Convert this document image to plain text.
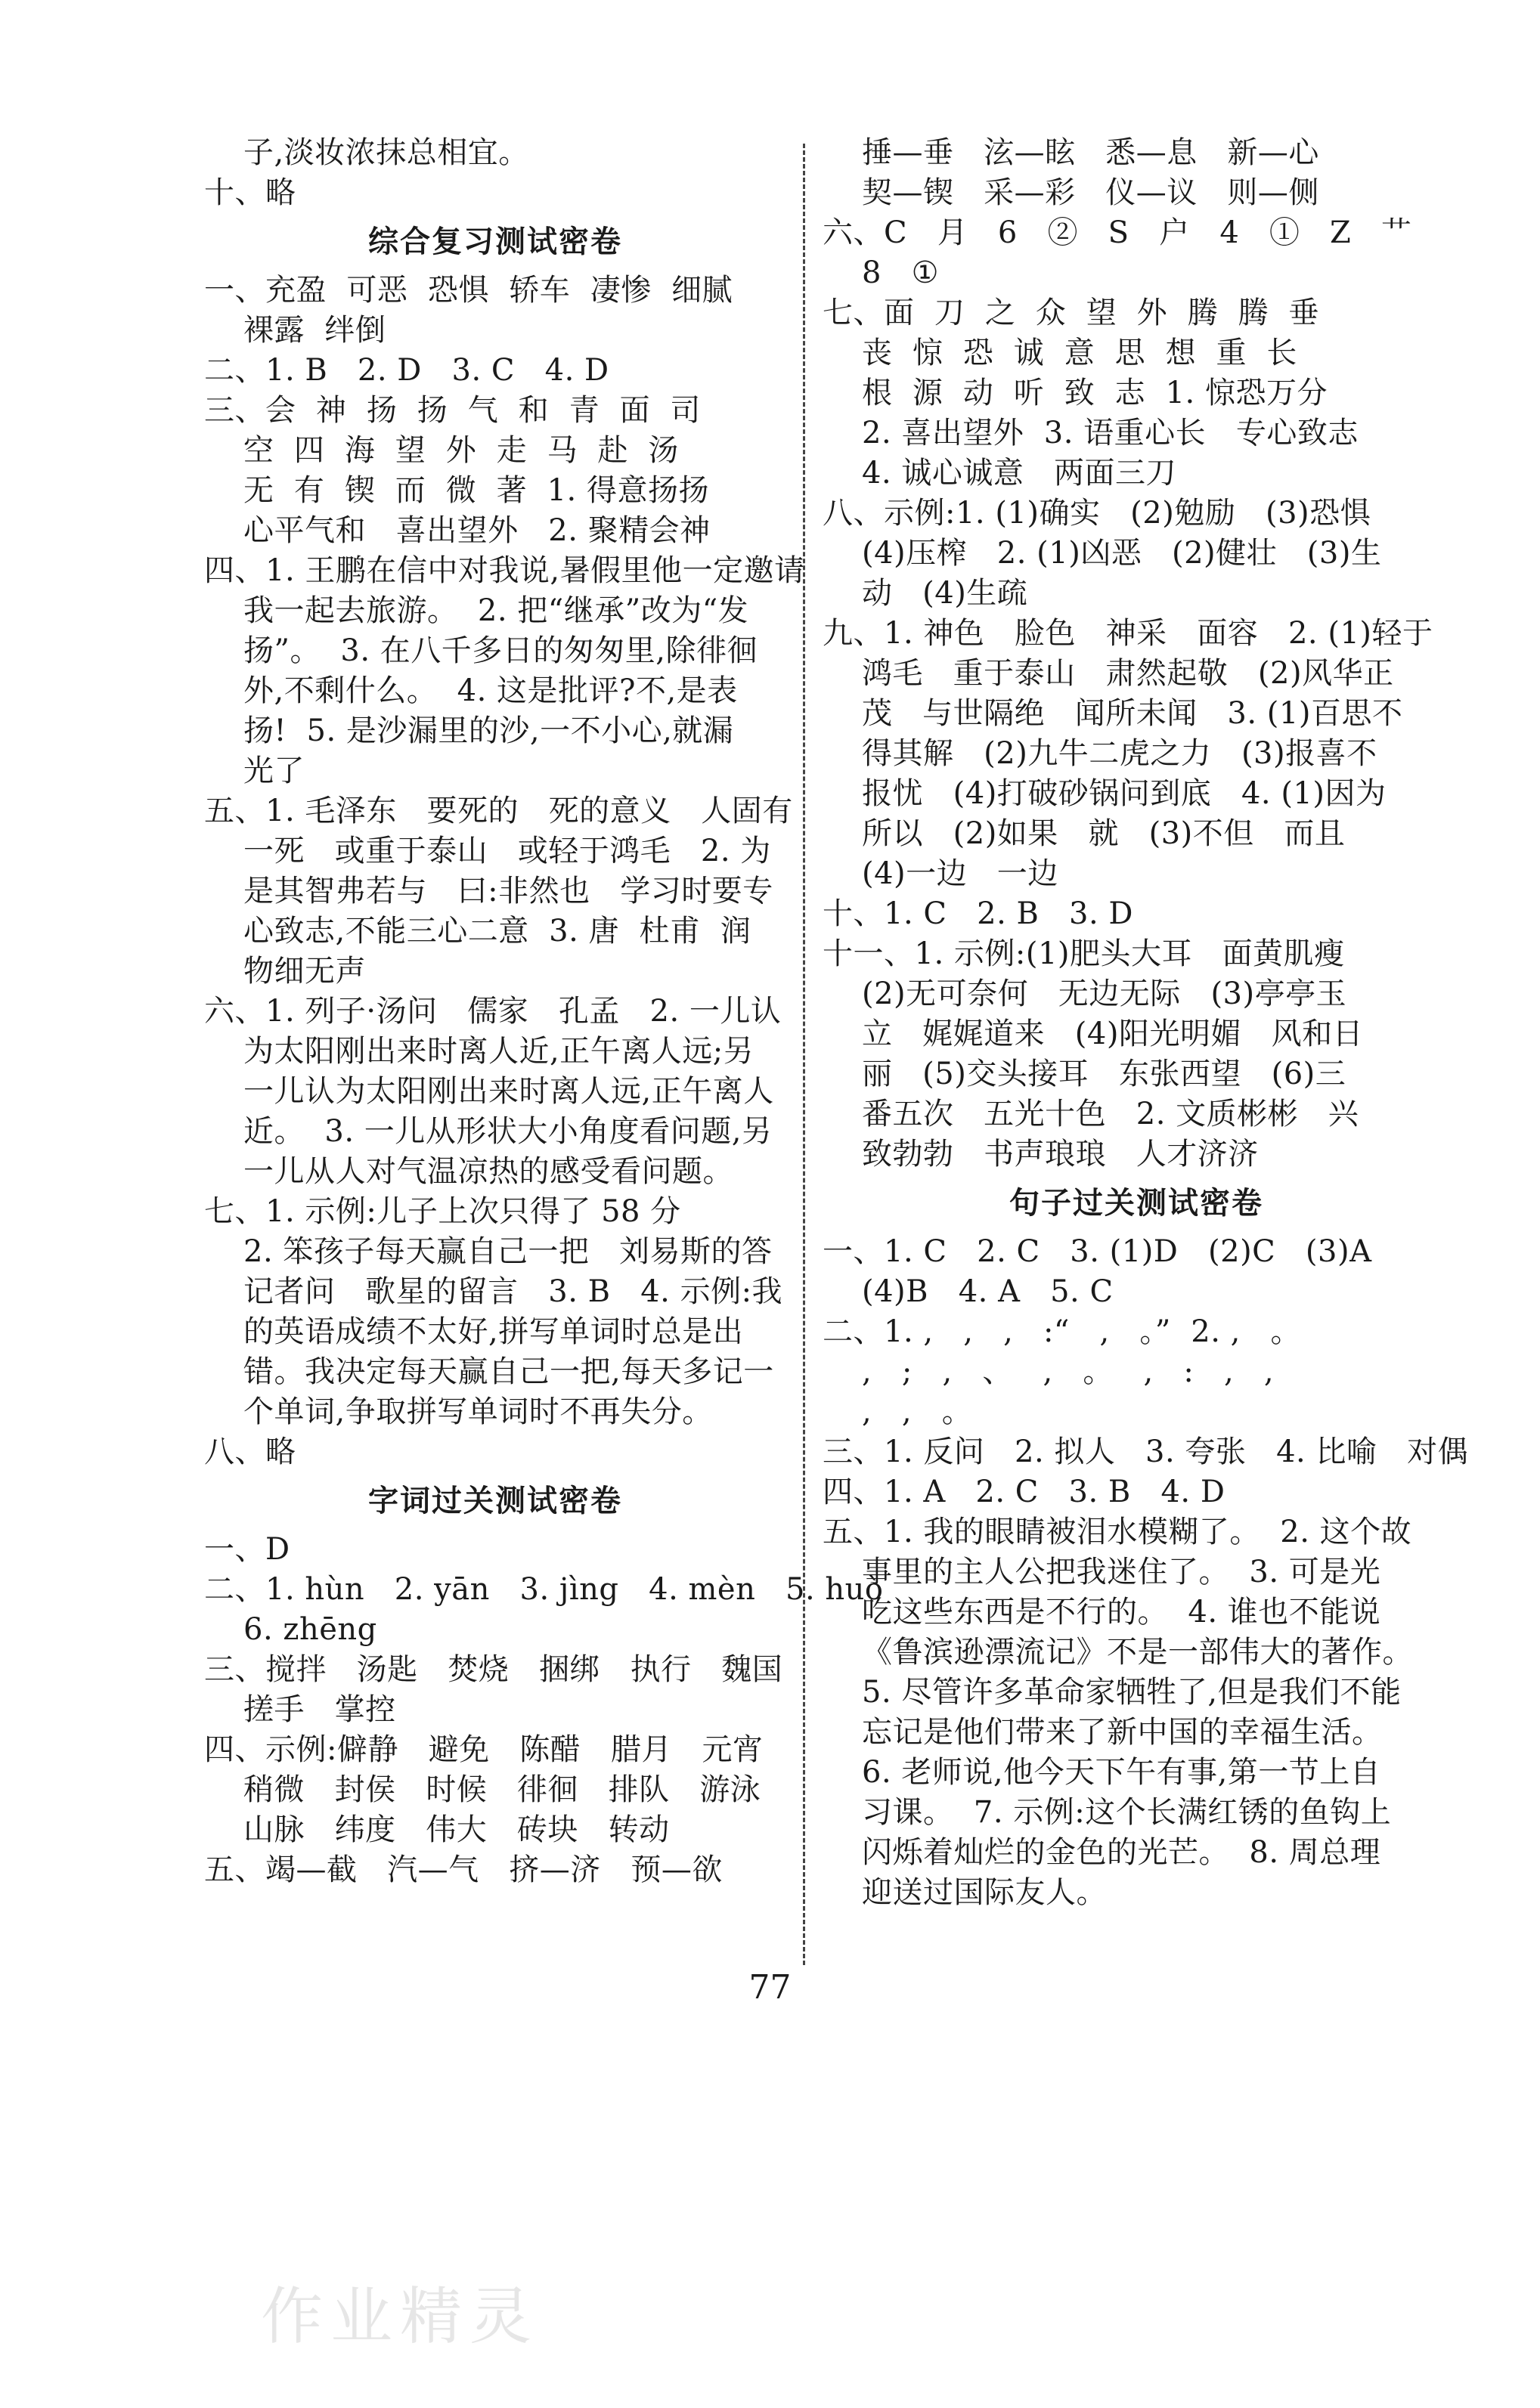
子,淡妆浓抹总相宜。
十、略
综合复习测试密卷
一、充盈  可恶  恐惧  轿车  凄惨  细腻
裸露  绊倒
二、1. B   2. D   3. C   4. D
三、会  神  扬  扬  气  和  青  面  司
空  四  海  望  外  走  马  赴  汤
无  有  锲  而  微  著  1. 得意扬扬
心平气和   喜出望外   2. 聚精会神
四、1. 王鹏在信中对我说,暑假里他一定邀请
我一起去旅游。  2. 把“继承”改为“发
扬”。  3. 在八千多日的匆匆里,除徘徊
外,不剩什么。  4. 这是批评?不,是表
扬!  5. 是沙漏里的沙,一不小心,就漏
光了
五、1. 毛泽东   要死的   死的意义   人固有
一死   或重于泰山   或轻于鸿毛   2. 为
是其智弗若与   曰:非然也   学习时要专
心致志,不能三心二意  3. 唐  杜甫  润
物细无声
六、1. 列子·汤问   儒家   孔孟   2. 一儿认
为太阳刚出来时离人近,正午离人远;另
一儿认为太阳刚出来时离人远,正午离人
近。  3. 一儿从形状大小角度看问题,另
一儿从人对气温凉热的感受看问题。
七、1. 示例:儿子上次只得了 58 分
2. 笨孩子每天赢自己一把   刘易斯的答
记者问   歌星的留言   3. B   4. 示例:我
的英语成绩不太好,拼写单词时总是出
错。我决定每天赢自己一把,每天多记一
个单词,争取拼写单词时不再失分。
八、略
字词过关测试密卷
一、D
二、1. hùn   2. yān   3. jìng   4. mèn   5. huò
6. zhēng
三、搅拌   汤匙   焚烧   捆绑   执行   魏国
搓手   掌控
四、示例:僻静   避免   陈醋   腊月   元宵
稍微   封侯   时候   徘徊   排队   游泳
山脉   纬度   伟大   砖块   转动
五、竭—截   汽—气   挤—济   预—欲
捶—垂   泫—眩   悉—息   新—心
契—锲   采—彩   仪—议   则—侧
六、C   月   6   ②   S   户   4   ①   Z   艹
8   ①
七、面  刀  之  众  望  外  腾  腾  垂
丧  惊  恐  诚  意  思  想  重  长
根  源  动  听  致  志  1. 惊恐万分
2. 喜出望外  3. 语重心长   专心致志
4. 诚心诚意   两面三刀
八、示例:1. (1)确实   (2)勉励   (3)恐惧
(4)压榨   2. (1)凶恶   (2)健壮   (3)生
动   (4)生疏
九、1. 神色   脸色   神采   面容   2. (1)轻于
鸿毛   重于泰山   肃然起敬   (2)风华正
茂   与世隔绝   闻所未闻   3. (1)百思不
得其解   (2)九牛二虎之力   (3)报喜不
报忧   (4)打破砂锅问到底   4. (1)因为
所以   (2)如果   就   (3)不但   而且
(4)一边   一边
十、1. C   2. B   3. D
十一、1. 示例:(1)肥头大耳   面黄肌瘦
(2)无可奈何   无边无际   (3)亭亭玉
立   娓娓道来   (4)阳光明媚   风和日
丽   (5)交头接耳   东张西望   (6)三
番五次   五光十色   2. 文质彬彬   兴
致勃勃   书声琅琅   人才济济
句子过关测试密卷
一、1. C   2. C   3. (1)D   (2)C   (3)A
(4)B   4. A   5. C
二、1. ,   ,   ,   :“   ,   。”  2. ,   。
,   ;   ,   、   ,   。   ,   :   ,   ,
,   ,   。
三、1. 反问   2. 拟人   3. 夸张   4. 比喻   对偶
四、1. A   2. C   3. B   4. D
五、1. 我的眼睛被泪水模糊了。  2. 这个故
事里的主人公把我迷住了。  3. 可是光
吃这些东西是不行的。  4. 谁也不能说
《鲁滨逊漂流记》不是一部伟大的著作。
5. 尽管许多革命家牺牲了,但是我们不能
忘记是他们带来了新中国的幸福生活。
6. 老师说,他今天下午有事,第一节上自
习课。  7. 示例:这个长满红锈的鱼钩上
闪烁着灿烂的金色的光芒。  8. 周总理
迎送过国际友人。
77
作业精灵
